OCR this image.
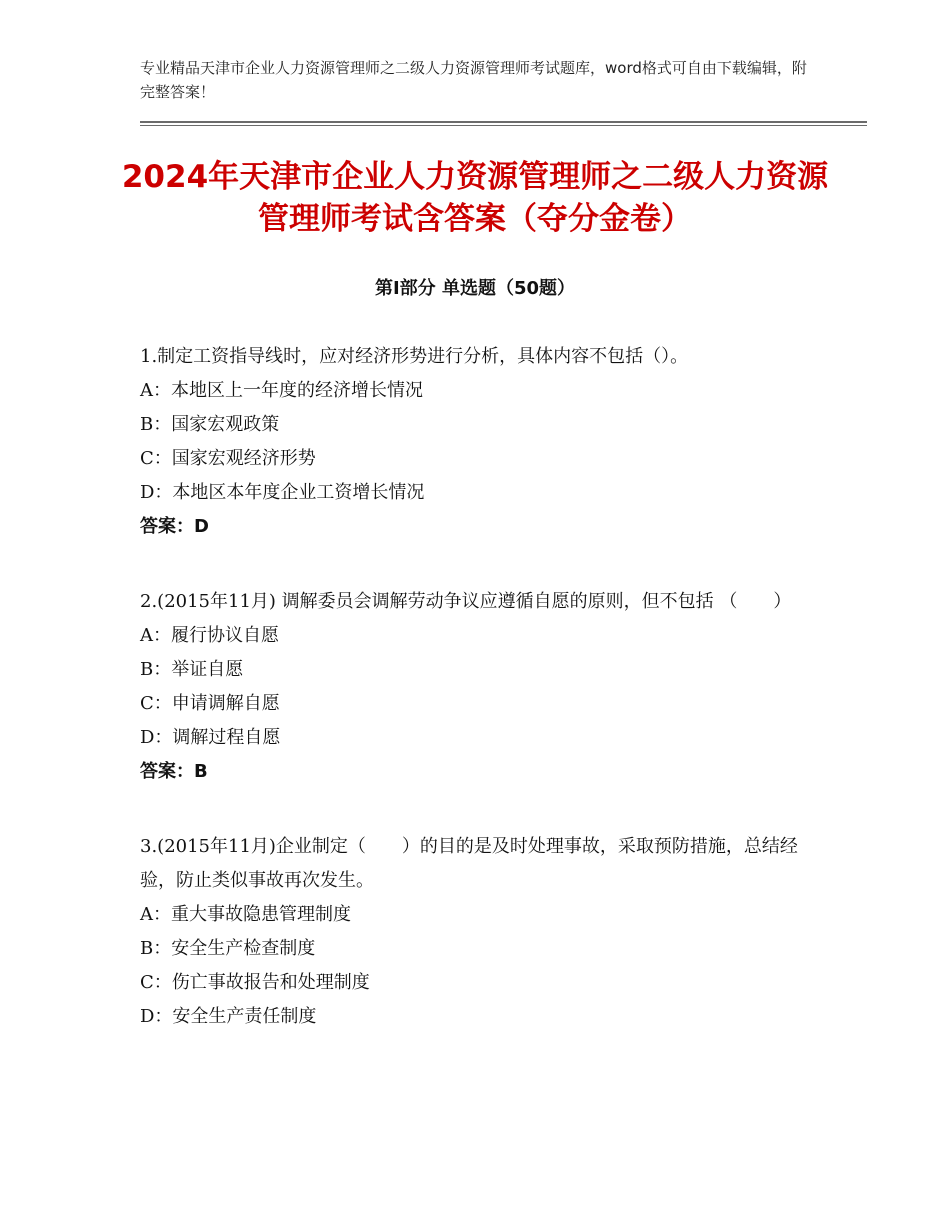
专业精品天津市企业人力资源管理师之二级人力资源管理师考试题库，word格式可自由下载编辑，附完整答案！
2024年天津市企业人力资源管理师之二级人力资源管理师考试含答案（夺分金卷）
第Ⅰ部分 单选题（50题）

1.制定工资指导线时，应对经济形势进行分析，具体内容不包括（）。

A：本地区上一年度的经济增长情况
B：国家宏观政策
C：国家宏观经济形势
D：本地区本年度企业工资增长情况
答案：D

2.(2015年11月) 调解委员会调解劳动争议应遵循自愿的原则，但不包括 （　　）

A：履行协议自愿
B：举证自愿
C：申请调解自愿
D：调解过程自愿
答案：B

3.(2015年11月)企业制定（　　）的目的是及时处理事故，采取预防措施，总结经验，防止类似事故再次发生。

A：重大事故隐患管理制度
B：安全生产检查制度
C：伤亡事故报告和处理制度
D：安全生产责任制度
